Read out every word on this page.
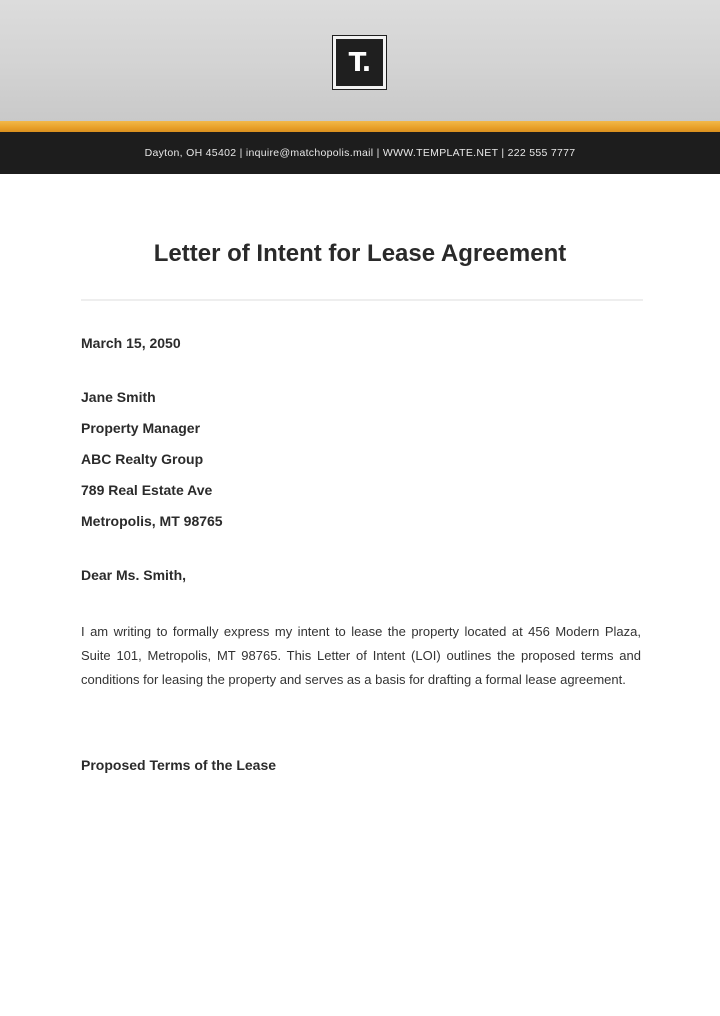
T.
Dayton, OH 45402 | inquire@matchopolis.mail | WWW.TEMPLATE.NET | 222 555 7777
Letter of Intent for Lease Agreement
March 15, 2050
Jane Smith
Property Manager
ABC Realty Group
789 Real Estate Ave
Metropolis, MT 98765
Dear Ms. Smith,

I am writing to formally express my intent to lease the property located at 456 Modern Plaza, Suite 101, Metropolis, MT 98765. This Letter of Intent (LOI) outlines the proposed terms and conditions for leasing the property and serves as a basis for drafting a formal lease agreement.

Proposed Terms of the Lease
